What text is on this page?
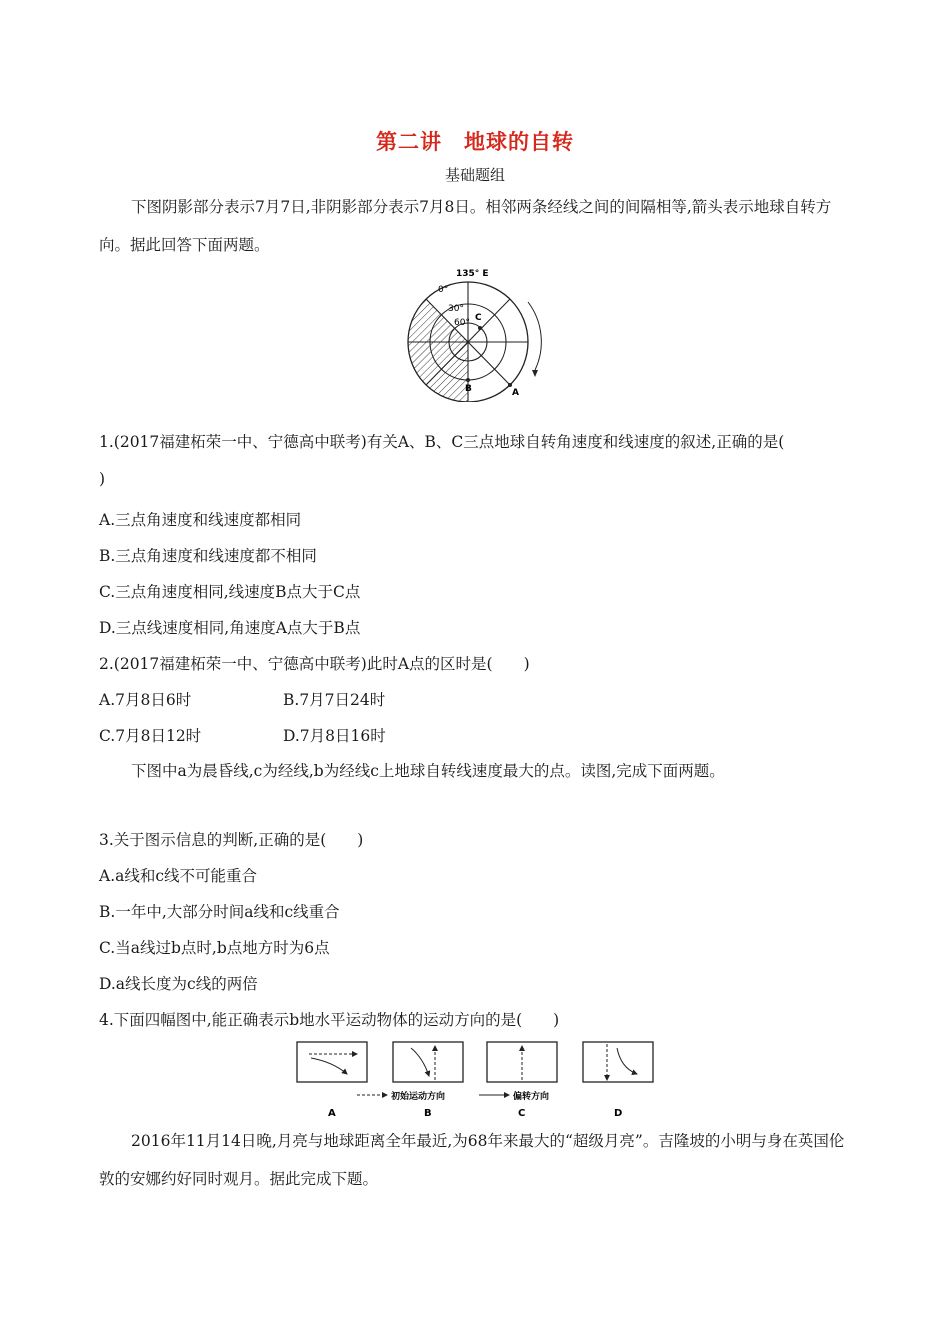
第二讲　地球的自转
基础题组
下图阴影部分表示7月7日,非阴影部分表示7月8日。相邻两条经线之间的间隔相等,箭头表示地球自转方向。据此回答下面两题。
135° E
0°
30°
60° C
B	A
1.(2017福建柘荣一中、宁德高中联考)有关A、B、C三点地球自转角速度和线速度的叙述,正确的是(
)
A.三点角速度和线速度都相同
B.三点角速度和线速度都不相同
C.三点角速度相同,线速度B点大于C点
D.三点线速度相同,角速度A点大于B点
2.(2017福建柘荣一中、宁德高中联考)此时A点的区时是(　　)
A.7月8日6时	B.7月7日24时
C.7月8日12时	D.7月8日16时
下图中a为晨昏线,c为经线,b为经线c上地球自转线速度最大的点。读图,完成下面两题。
3.关于图示信息的判断,正确的是(　　)
A.a线和c线不可能重合
B.一年中,大部分时间a线和c线重合
C.当a线过b点时,b点地方时为6点
D.a线长度为c线的两倍
4.下面四幅图中,能正确表示b地水平运动物体的运动方向的是(　　)
初始运动方向	偏转方向
A	B	C	D
2016年11月14日晚,月亮与地球距离全年最近,为68年来最大的“超级月亮”。吉隆坡的小明与身在英国伦敦的安娜约好同时观月。据此完成下题。
